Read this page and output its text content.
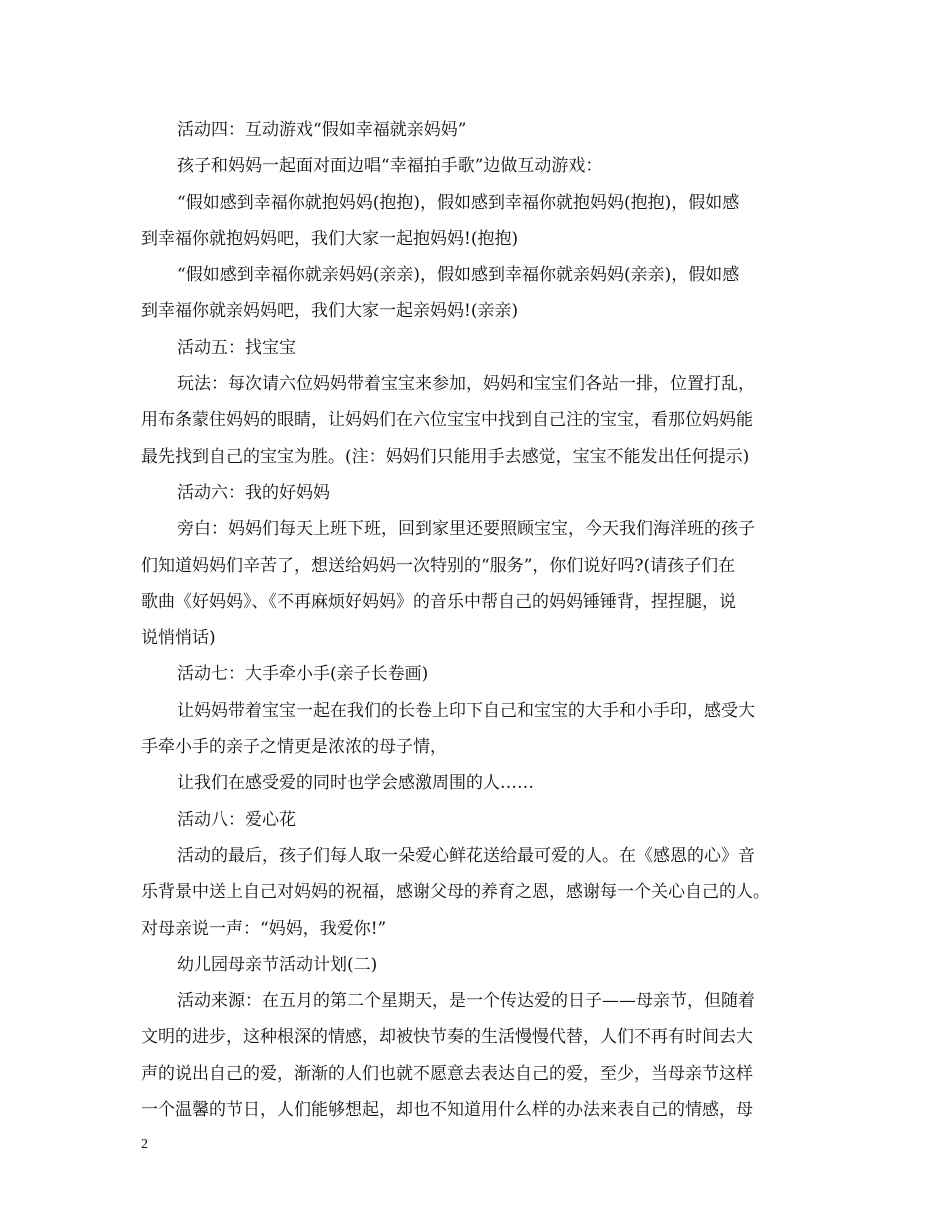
活动四：互动游戏“假如幸福就亲妈妈”
孩子和妈妈一起面对面边唱“幸福拍手歌”边做互动游戏：
“假如感到幸福你就抱妈妈(抱抱)，假如感到幸福你就抱妈妈(抱抱)，假如感
到幸福你就抱妈妈吧，我们大家一起抱妈妈!(抱抱)
“假如感到幸福你就亲妈妈(亲亲)，假如感到幸福你就亲妈妈(亲亲)，假如感
到幸福你就亲妈妈吧，我们大家一起亲妈妈!(亲亲)
活动五：找宝宝
玩法：每次请六位妈妈带着宝宝来参加，妈妈和宝宝们各站一排，位置打乱，
用布条蒙住妈妈的眼睛，让妈妈们在六位宝宝中找到自己注的宝宝，看那位妈妈能
最先找到自己的宝宝为胜。(注：妈妈们只能用手去感觉，宝宝不能发出任何提示)
活动六：我的好妈妈
旁白：妈妈们每天上班下班，回到家里还要照顾宝宝，今天我们海洋班的孩子
们知道妈妈们辛苦了，想送给妈妈一次特别的“服务”，你们说好吗?(请孩子们在
歌曲《好妈妈》、《不再麻烦好妈妈》的音乐中帮自己的妈妈锤锤背，捏捏腿，说
说悄悄话)
活动七：大手牵小手(亲子长卷画)
让妈妈带着宝宝一起在我们的长卷上印下自己和宝宝的大手和小手印，感受大
手牵小手的亲子之情更是浓浓的母子情，
让我们在感受爱的同时也学会感激周围的人……
活动八：爱心花
活动的最后，孩子们每人取一朵爱心鲜花送给最可爱的人。在《感恩的心》音
乐背景中送上自己对妈妈的祝福，感谢父母的养育之恩，感谢每一个关心自己的人。
对母亲说一声：“妈妈，我爱你!”
幼儿园母亲节活动计划(二)
活动来源：在五月的第二个星期天，是一个传达爱的日子——母亲节，但随着
文明的进步，这种根深的情感，却被快节奏的生活慢慢代替，人们不再有时间去大
声的说出自己的爱，渐渐的人们也就不愿意去表达自己的爱，至少，当母亲节这样
一个温馨的节日，人们能够想起，却也不知道用什么样的办法来表自己的情感，母
2
